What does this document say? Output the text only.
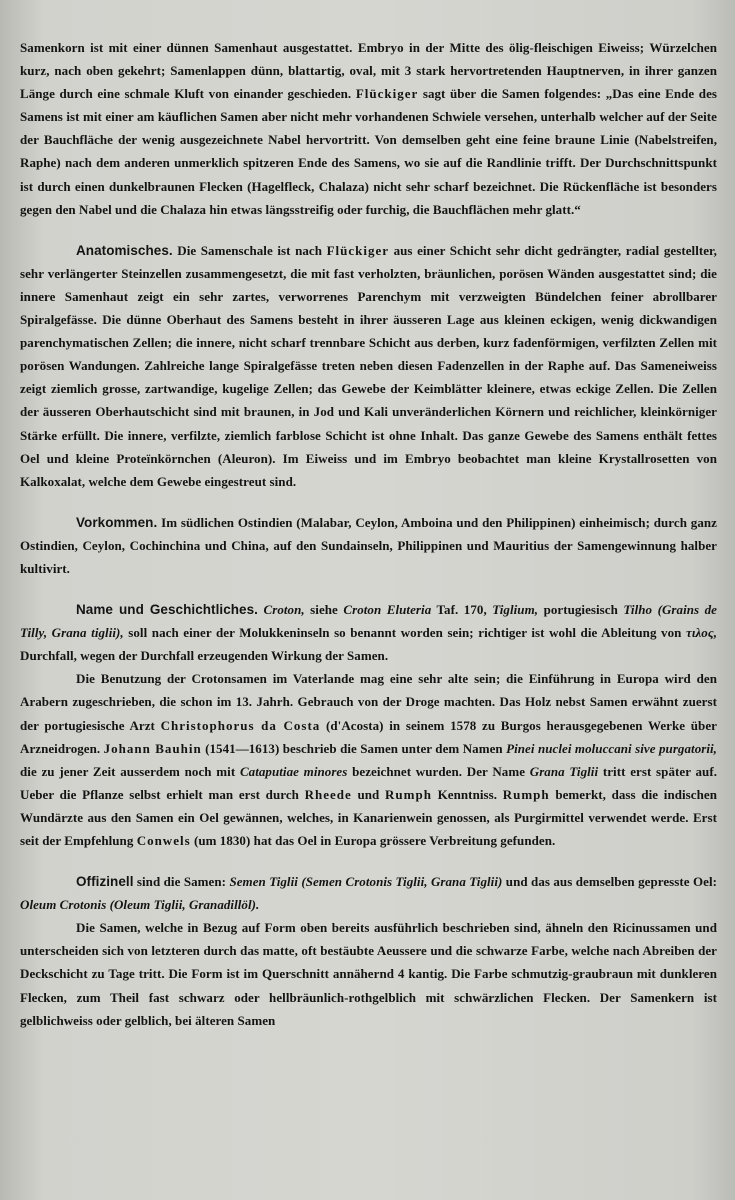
Samenkorn ist mit einer dünnen Samenhaut ausgestattet. Embryo in der Mitte des ölig-fleischigen Eiweiss; Würzelchen kurz, nach oben gekehrt; Samenlappen dünn, blattartig, oval, mit 3 stark hervortretenden Hauptnerven, in ihrer ganzen Länge durch eine schmale Kluft von einander geschieden. Flückiger sagt über die Samen folgendes: „Das eine Ende des Samens ist mit einer am käuflichen Samen aber nicht mehr vorhandenen Schwiele versehen, unterhalb welcher auf der Seite der Bauchfläche der wenig ausgezeichnete Nabel hervortritt. Von demselben geht eine feine braune Linie (Nabelstreifen, Raphe) nach dem anderen unmerklich spitzeren Ende des Samens, wo sie auf die Randlinie trifft. Der Durchschnittspunkt ist durch einen dunkelbraunen Flecken (Hagelfleck, Chalaza) nicht sehr scharf bezeichnet. Die Rückenfläche ist besonders gegen den Nabel und die Chalaza hin etwas längsstreifig oder furchig, die Bauchflächen mehr glatt.“

Anatomisches. Die Samenschale ist nach Flückiger aus einer Schicht sehr dicht gedrängter, radial gestellter, sehr verlängerter Steinzellen zusammengesetzt, die mit fast verholzten, bräunlichen, porösen Wänden ausgestattet sind; die innere Samenhaut zeigt ein sehr zartes, verworrenes Parenchym mit verzweigten Bündelchen feiner abrollbarer Spiralgefässe. Die dünne Oberhaut des Samens besteht in ihrer äusseren Lage aus kleinen eckigen, wenig dickwandigen parenchymatischen Zellen; die innere, nicht scharf trennbare Schicht aus derben, kurz fadenförmigen, verfilzten Zellen mit porösen Wandungen. Zahlreiche lange Spiralgefässe treten neben diesen Fadenzellen in der Raphe auf. Das Sameneiweiss zeigt ziemlich grosse, zartwandige, kugelige Zellen; das Gewebe der Keimblätter kleinere, etwas eckige Zellen. Die Zellen der äusseren Oberhautschicht sind mit braunen, in Jod und Kali unveränderlichen Körnern und reichlicher, kleinkörniger Stärke erfüllt. Die innere, verfilzte, ziemlich farblose Schicht ist ohne Inhalt. Das ganze Gewebe des Samens enthält fettes Oel und kleine Proteïnkörnchen (Aleuron). Im Eiweiss und im Embryo beobachtet man kleine Krystallrosetten von Kalkoxalat, welche dem Gewebe eingestreut sind.

Vorkommen. Im südlichen Ostindien (Malabar, Ceylon, Amboina und den Philippinen) einheimisch; durch ganz Ostindien, Ceylon, Cochinchina und China, auf den Sundainseln, Philippinen und Mauritius der Samengewinnung halber kultivirt.

Name und Geschichtliches. Croton, siehe Croton Eluteria Taf. 170, Tiglium, portugiesisch Tilho (Grains de Tilly, Grana tiglii), soll nach einer der Molukkeninseln so benannt worden sein; richtiger ist wohl die Ableitung von τιλος, Durchfall, wegen der Durchfall erzeugenden Wirkung der Samen.

Die Benutzung der Crotonsamen im Vaterlande mag eine sehr alte sein; die Einführung in Europa wird den Arabern zugeschrieben, die schon im 13. Jahrh. Gebrauch von der Droge machten. Das Holz nebst Samen erwähnt zuerst der portugiesische Arzt Christophorus da Costa (d'Acosta) in seinem 1578 zu Burgos herausgegebenen Werke über Arzneidrogen. Johann Bauhin (1541—1613) beschrieb die Samen unter dem Namen Pinei nuclei moluccani sive purgatorii, die zu jener Zeit ausserdem noch mit Cataputiae minores bezeichnet wurden. Der Name Grana Tiglii tritt erst später auf. Ueber die Pflanze selbst erhielt man erst durch Rheede und Rumph Kenntniss. Rumph bemerkt, dass die indischen Wundärzte aus den Samen ein Oel gewännen, welches, in Kanarienwein genossen, als Purgirmittel verwendet werde. Erst seit der Empfehlung Conwels (um 1830) hat das Oel in Europa grössere Verbreitung gefunden.

Offizinell sind die Samen: Semen Tiglii (Semen Crotonis Tiglii, Grana Tiglii) und das aus demselben gepresste Oel: Oleum Crotonis (Oleum Tiglii, Granadillöl).

Die Samen, welche in Bezug auf Form oben bereits ausführlich beschrieben sind, ähneln den Ricinussamen und unterscheiden sich von letzteren durch das matte, oft bestäubte Aeussere und die schwarze Farbe, welche nach Abreiben der Deckschicht zu Tage tritt. Die Form ist im Querschnitt annähernd 4 kantig. Die Farbe schmutzig-graubraun mit dunkleren Flecken, zum Theil fast schwarz oder hellbräunlich-rothgelblich mit schwärzlichen Flecken. Der Samenkern ist gelblichweiss oder gelblich, bei älteren Samen
